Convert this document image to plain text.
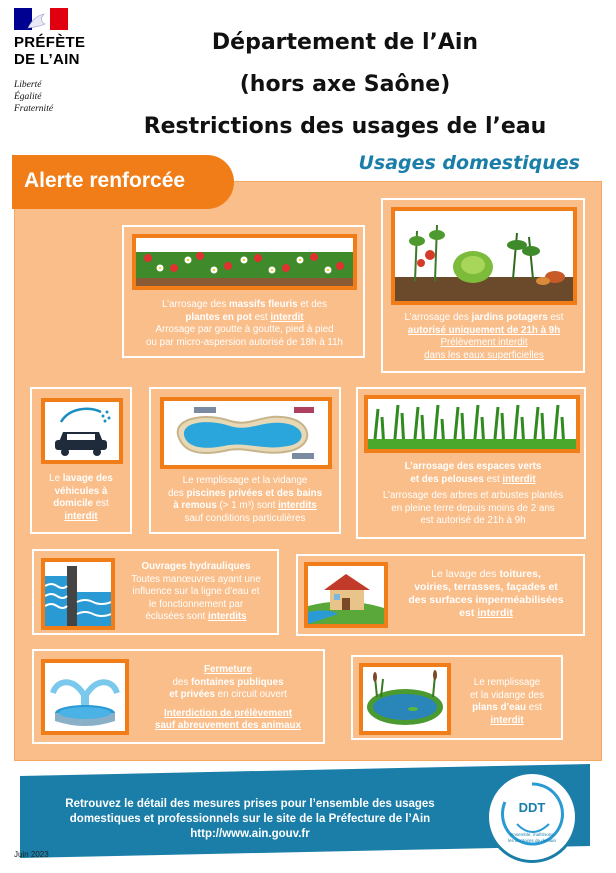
PRÉFÈTE
DE L’AIN
Liberté
Égalité
Fraternité
Département de l’Ain
(hors axe Saône)
Restrictions des usages de l’eau
Usages domestiques
Alerte renforcée
L’arrosage des massifs fleuris et des
plantes en pot est interdit
Arrosage par goutte à goutte, pied à pied
ou par micro-aspersion autorisé de 18h à 11h
L’arrosage des jardins potagers est
autorisé uniquement de 21h à 9h
Prélèvement interdit
dans les eaux superficielles
Le lavage des
véhicules à
domicile est
interdit
Le remplissage et la vidange
des piscines privées et des bains
à remous (> 1 m³) sont interdits
sauf conditions particulières
L’arrosage des espaces verts
et des pelouses est interdit

L’arrosage des arbres et arbustes plantés
en pleine terre depuis moins de 2 ans
est autorisé de 21h à 9h
Ouvrages hydrauliques
Toutes manœuvres ayant une
influence sur la ligne d’eau et
le fonctionnement par
éclusées sont interdits
Le lavage des toitures,
voiries, terrasses, façades et
des surfaces imperméabilisées
est interdit
Fermeture
des fontaines publiques
et privées en circuit ouvert

Interdiction de prélèvement
sauf abreuvement des animaux
Le remplissage
et la vidange des
plans d’eau est
interdit
Retrouvez le détail des mesures prises pour l’ensemble des usages
domestiques et professionnels sur le site de la Préfecture de l’Ain
http://www.ain.gouv.fr
DDT
Ensemble, maîtrisons les territoires de demain
Juin 2023
